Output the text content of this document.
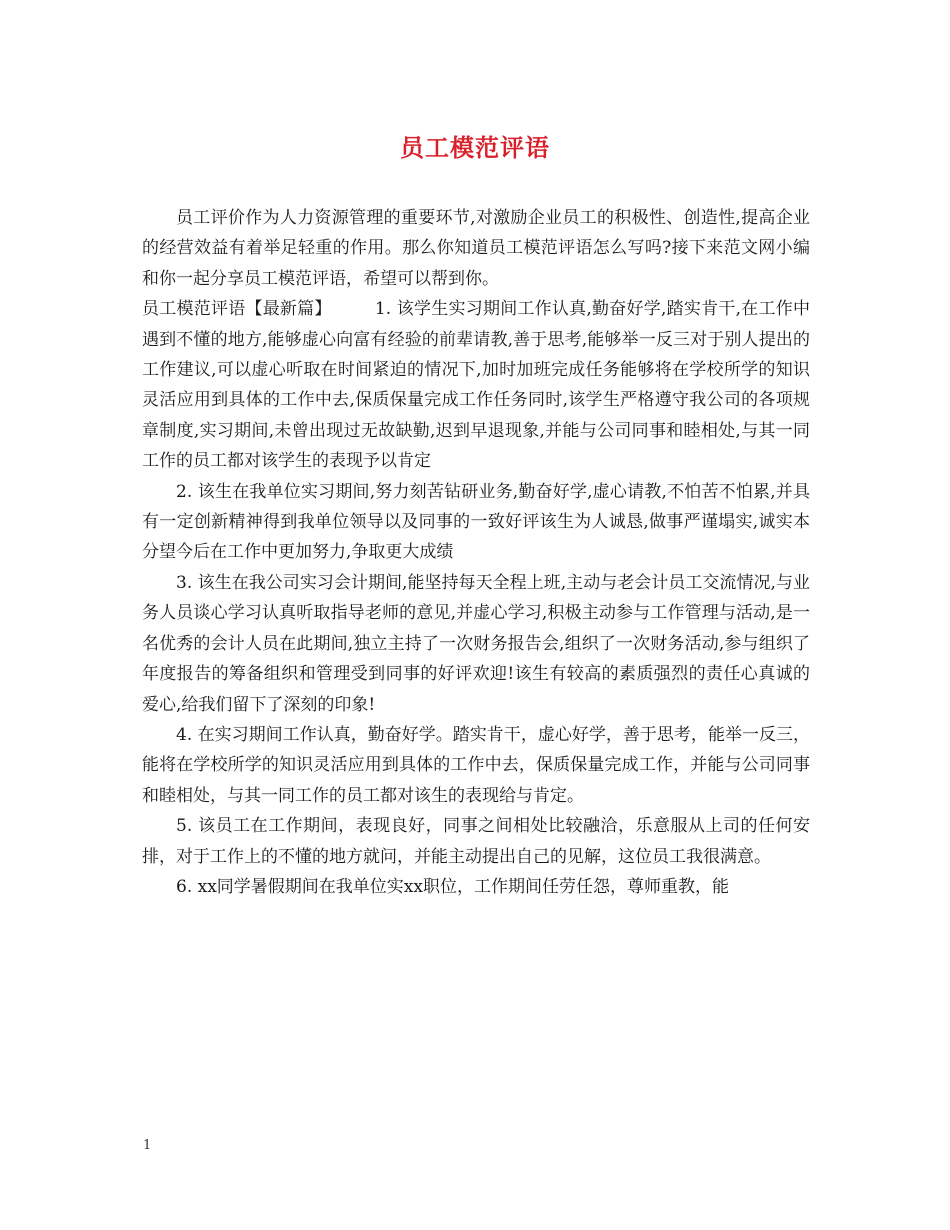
员工模范评语

员工评价作为人力资源管理的重要环节,对激励企业员工的积极性、创造性,提高企业的经营效益有着举足轻重的作用。那么你知道员工模范评语怎么写吗?接下来范文网小编和你一起分享员工模范评语，希望可以帮到你。

员工模范评语【最新篇】　　　1. 该学生实习期间工作认真,勤奋好学,踏实肯干,在工作中遇到不懂的地方,能够虚心向富有经验的前辈请教,善于思考,能够举一反三对于别人提出的工作建议,可以虚心听取在时间紧迫的情况下,加时加班完成任务能够将在学校所学的知识灵活应用到具体的工作中去,保质保量完成工作任务同时,该学生严格遵守我公司的各项规章制度,实习期间,未曾出现过无故缺勤,迟到早退现象,并能与公司同事和睦相处,与其一同工作的员工都对该学生的表现予以肯定

2. 该生在我单位实习期间,努力刻苦钻研业务,勤奋好学,虚心请教,不怕苦不怕累,并具有一定创新精神得到我单位领导以及同事的一致好评该生为人诚恳,做事严谨塌实,诚实本分望今后在工作中更加努力,争取更大成绩

3. 该生在我公司实习会计期间,能坚持每天全程上班,主动与老会计员工交流情况,与业务人员谈心学习认真听取指导老师的意见,并虚心学习,积极主动参与工作管理与活动,是一名优秀的会计人员在此期间,独立主持了一次财务报告会,组织了一次财务活动,参与组织了年度报告的筹备组织和管理受到同事的好评欢迎!该生有较高的素质强烈的责任心真诚的爱心,给我们留下了深刻的印象!

4. 在实习期间工作认真，勤奋好学。踏实肯干，虚心好学，善于思考，能举一反三，能将在学校所学的知识灵活应用到具体的工作中去，保质保量完成工作，并能与公司同事和睦相处，与其一同工作的员工都对该生的表现给与肯定。

5. 该员工在工作期间，表现良好，同事之间相处比较融洽，乐意服从上司的任何安排，对于工作上的不懂的地方就问，并能主动提出自己的见解，这位员工我很满意。

6. xx同学暑假期间在我单位实xx职位，工作期间任劳任怨，尊师重教，能

1
